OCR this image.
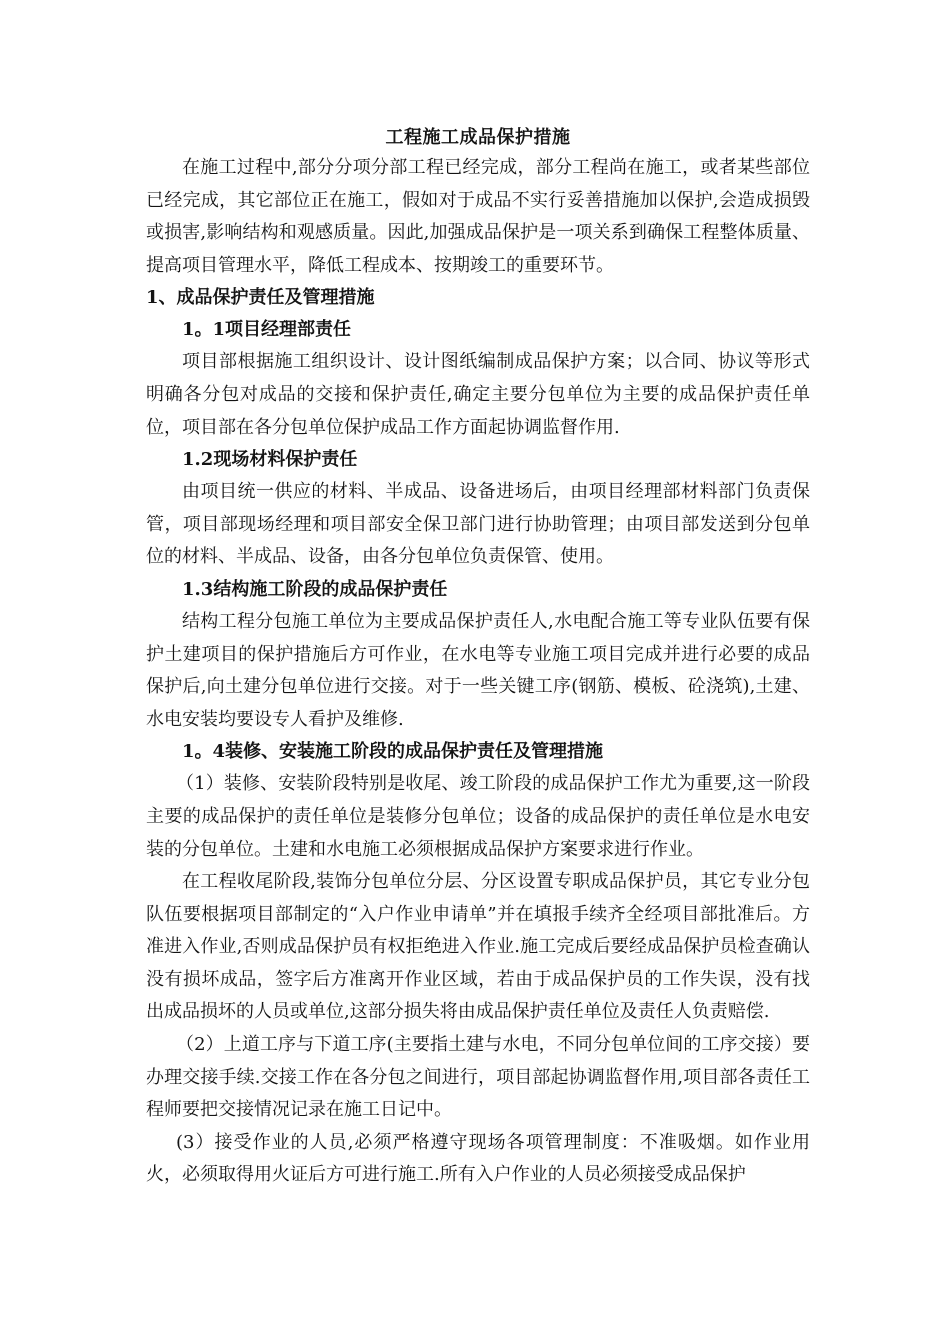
工程施工成品保护措施

在施工过程中,部分分项分部工程已经完成，部分工程尚在施工，或者某些部位已经完成，其它部位正在施工，假如对于成品不实行妥善措施加以保护,会造成损毁或损害,影响结构和观感质量。因此,加强成品保护是一项关系到确保工程整体质量、提高项目管理水平，降低工程成本、按期竣工的重要环节。

1、成品保护责任及管理措施
1。1项目经理部责任

项目部根据施工组织设计、设计图纸编制成品保护方案；以合同、协议等形式明确各分包对成品的交接和保护责任,确定主要分包单位为主要的成品保护责任单位，项目部在各分包单位保护成品工作方面起协调监督作用.

1.2现场材料保护责任

由项目统一供应的材料、半成品、设备进场后，由项目经理部材料部门负责保管，项目部现场经理和项目部安全保卫部门进行协助管理；由项目部发送到分包单位的材料、半成品、设备，由各分包单位负责保管、使用。

1.3结构施工阶段的成品保护责任

结构工程分包施工单位为主要成品保护责任人,水电配合施工等专业队伍要有保护土建项目的保护措施后方可作业，在水电等专业施工项目完成并进行必要的成品保护后,向土建分包单位进行交接。对于一些关键工序(钢筋、模板、砼浇筑),土建、水电安装均要设专人看护及维修.

1。4装修、安装施工阶段的成品保护责任及管理措施

（1）装修、安装阶段特别是收尾、竣工阶段的成品保护工作尤为重要,这一阶段主要的成品保护的责任单位是装修分包单位；设备的成品保护的责任单位是水电安装的分包单位。土建和水电施工必须根据成品保护方案要求进行作业。

在工程收尾阶段,装饰分包单位分层、分区设置专职成品保护员，其它专业分包队伍要根据项目部制定的“入户作业申请单”并在填报手续齐全经项目部批准后。方准进入作业,否则成品保护员有权拒绝进入作业.施工完成后要经成品保护员检查确认没有损坏成品，签字后方准离开作业区域，若由于成品保护员的工作失误，没有找出成品损坏的人员或单位,这部分损失将由成品保护责任单位及责任人负责赔偿.

（2）上道工序与下道工序(主要指土建与水电，不同分包单位间的工序交接）要办理交接手续.交接工作在各分包之间进行，项目部起协调监督作用,项目部各责任工程师要把交接情况记录在施工日记中。

(3）接受作业的人员,必须严格遵守现场各项管理制度：不准吸烟。如作业用火，必须取得用火证后方可进行施工.所有入户作业的人员必须接受成品保护
